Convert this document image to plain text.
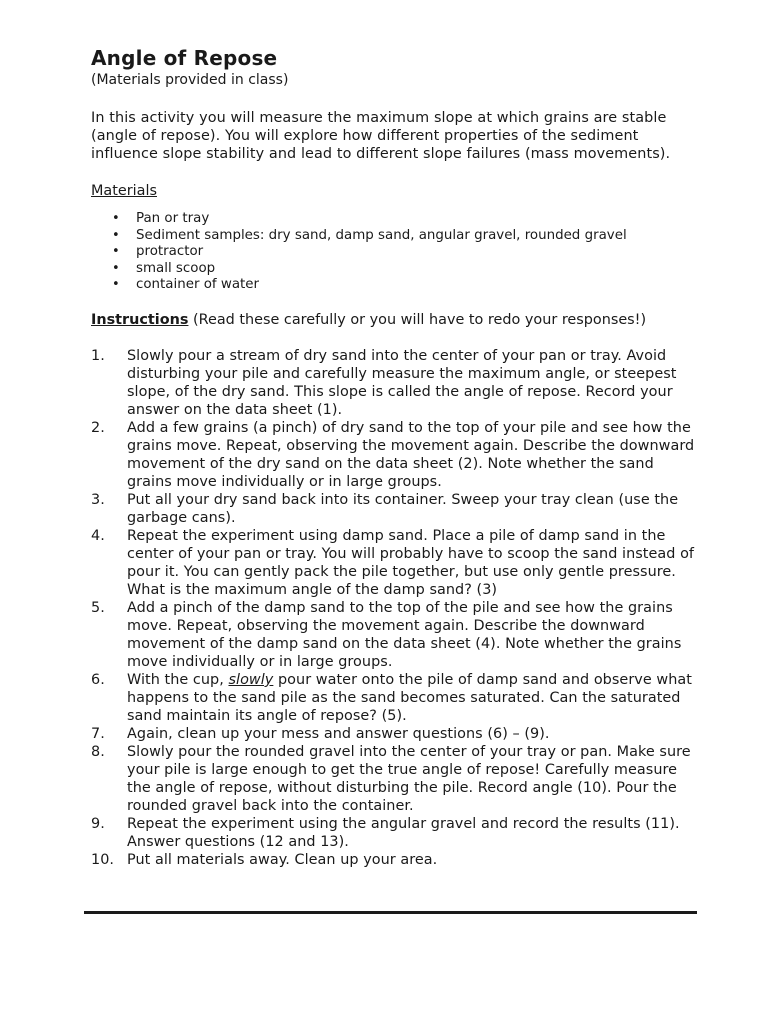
Angle of Repose

(Materials provided in class)

In this activity you will measure the maximum slope at which grains are stable (angle of repose). You will explore how different properties of the sediment influence slope stability and lead to different slope failures (mass movements).

Materials

• Pan or tray
• Sediment samples: dry sand, damp sand, angular gravel, rounded gravel
• protractor
• small scoop
• container of water

Instructions (Read these carefully or you will have to redo your responses!)

1. Slowly pour a stream of dry sand into the center of your pan or tray. Avoid disturbing your pile and carefully measure the maximum angle, or steepest slope, of the dry sand. This slope is called the angle of repose. Record your answer on the data sheet (1).
2. Add a few grains (a pinch) of dry sand to the top of your pile and see how the grains move. Repeat, observing the movement again. Describe the downward movement of the dry sand on the data sheet (2). Note whether the sand grains move individually or in large groups.
3. Put all your dry sand back into its container. Sweep your tray clean (use the garbage cans).
4. Repeat the experiment using damp sand. Place a pile of damp sand in the center of your pan or tray. You will probably have to scoop the sand instead of pour it. You can gently pack the pile together, but use only gentle pressure. What is the maximum angle of the damp sand? (3)
5. Add a pinch of the damp sand to the top of the pile and see how the grains move. Repeat, observing the movement again. Describe the downward movement of the damp sand on the data sheet (4). Note whether the grains move individually or in large groups.
6. With the cup, slowly pour water onto the pile of damp sand and observe what happens to the sand pile as the sand becomes saturated. Can the saturated sand maintain its angle of repose? (5).
7. Again, clean up your mess and answer questions (6) – (9).
8. Slowly pour the rounded gravel into the center of your tray or pan. Make sure your pile is large enough to get the true angle of repose! Carefully measure the angle of repose, without disturbing the pile. Record angle (10). Pour the rounded gravel back into the container.
9. Repeat the experiment using the angular gravel and record the results (11). Answer questions (12 and 13).
10. Put all materials away. Clean up your area.
